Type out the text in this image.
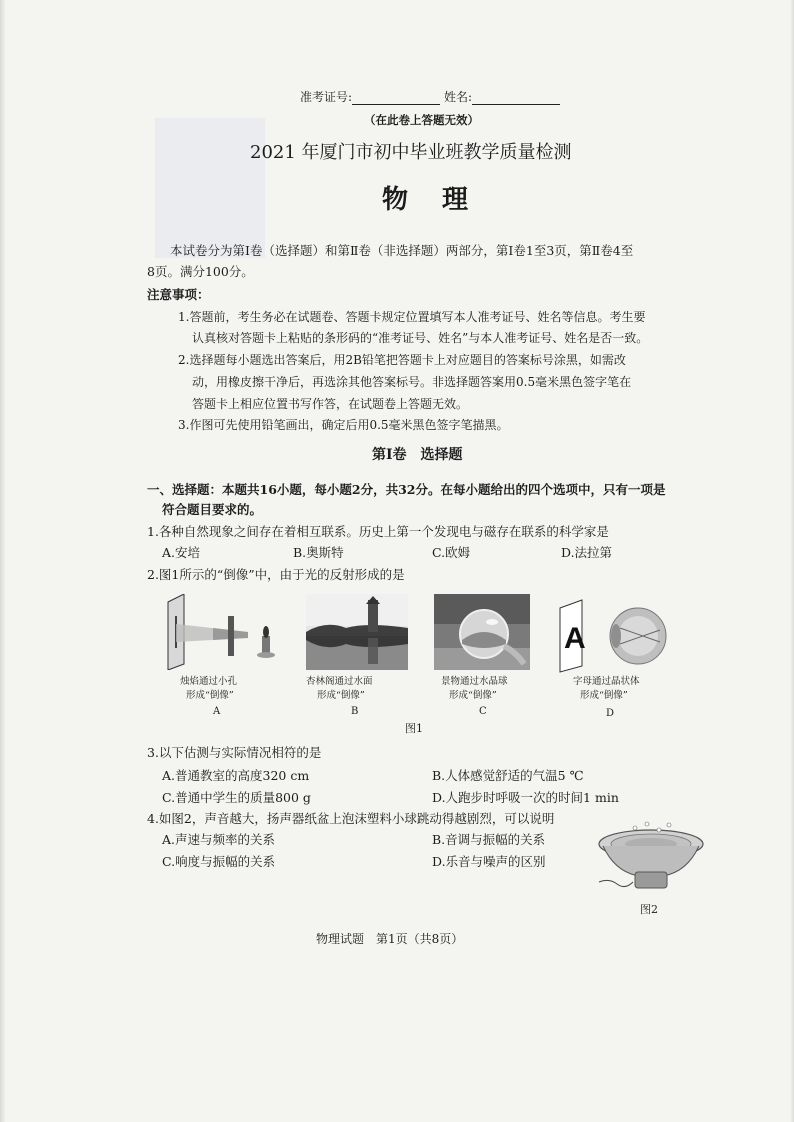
准考证号:	姓名:
（在此卷上答题无效）
2021 年厦门市初中毕业班教学质量检测
物　理
本试卷分为第Ⅰ卷（选择题）和第Ⅱ卷（非选择题）两部分，第Ⅰ卷1至3页，第Ⅱ卷4至
8页。满分100分。
注意事项：
1.答题前，考生务必在试题卷、答题卡规定位置填写本人准考证号、姓名等信息。考生要
认真核对答题卡上粘贴的条形码的“准考证号、姓名”与本人准考证号、姓名是否一致。
2.选择题每小题选出答案后，用2B铅笔把答题卡上对应题目的答案标号涂黑，如需改
动，用橡皮擦干净后，再选涂其他答案标号。非选择题答案用0.5毫米黑色签字笔在
答题卡上相应位置书写作答，在试题卷上答题无效。
3.作图可先使用铅笔画出，确定后用0.5毫米黑色签字笔描黑。
第Ⅰ卷　选择题
一、选择题：本题共16小题，每小题2分，共32分。在每小题给出的四个选项中，只有一项是
符合题目要求的。
1.各种自然现象之间存在着相互联系。历史上第一个发现电与磁存在联系的科学家是
A.安培	B.奥斯特	C.欧姆	D.法拉第
2.图1所示的“倒像”中，由于光的反射形成的是
烛焰通过小孔
形成“倒像”
A
杏林阁通过水面
形成“倒像”
B
景物通过水晶球
形成“倒像”
C
A
字母通过晶状体
形成“倒像”
D
图1
3.以下估测与实际情况相符的是
A.普通教室的高度320 cm	B.人体感觉舒适的气温5 ℃
C.普通中学生的质量800 g	D.人跑步时呼吸一次的时间1 min
4.如图2，声音越大，扬声器纸盆上泡沫塑料小球跳动得越剧烈，可以说明
A.声速与频率的关系	B.音调与振幅的关系
C.响度与振幅的关系	D.乐音与噪声的区别
图2
物理试题　第1页（共8页）
